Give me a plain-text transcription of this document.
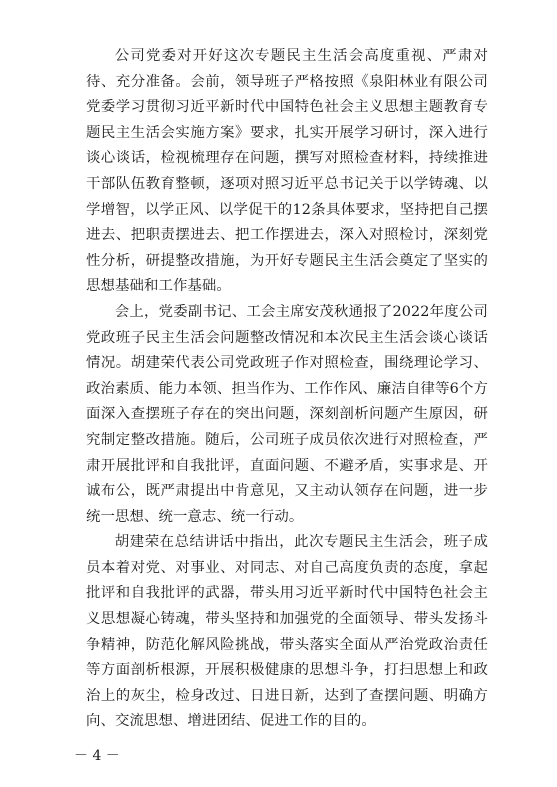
公司党委对开好这次专题民主生活会高度重视、严肃对待、充分准备。会前，领导班子严格按照《泉阳林业有限公司党委学习贯彻习近平新时代中国特色社会主义思想主题教育专题民主生活会实施方案》要求，扎实开展学习研讨，深入进行谈心谈话，检视梳理存在问题，撰写对照检查材料，持续推进干部队伍教育整顿，逐项对照习近平总书记关于以学铸魂、以学增智，以学正风、以学促干的12条具体要求，坚持把自己摆进去、把职责摆进去、把工作摆进去，深入对照检讨，深刻党性分析，研提整改措施，为开好专题民主生活会奠定了坚实的思想基础和工作基础。

会上，党委副书记、工会主席安茂秋通报了2022年度公司党政班子民主生活会问题整改情况和本次民主生活会谈心谈话情况。胡建荣代表公司党政班子作对照检查，围绕理论学习、政治素质、能力本领、担当作为、工作作风、廉洁自律等6个方面深入查摆班子存在的突出问题，深刻剖析问题产生原因，研究制定整改措施。随后，公司班子成员依次进行对照检查，严肃开展批评和自我批评，直面问题、不避矛盾，实事求是、开诚布公，既严肃提出中肯意见，又主动认领存在问题，进一步统一思想、统一意志、统一行动。

胡建荣在总结讲话中指出，此次专题民主生活会，班子成员本着对党、对事业、对同志、对自己高度负责的态度，拿起批评和自我批评的武器，带头用习近平新时代中国特色社会主义思想凝心铸魂，带头坚持和加强党的全面领导、带头发扬斗争精神，防范化解风险挑战，带头落实全面从严治党政治责任等方面剖析根源，开展积极健康的思想斗争，打扫思想上和政治上的灰尘，检身改过、日进日新，达到了查摆问题、明确方向、交流思想、增进团结、促进工作的目的。

－ 4 －
